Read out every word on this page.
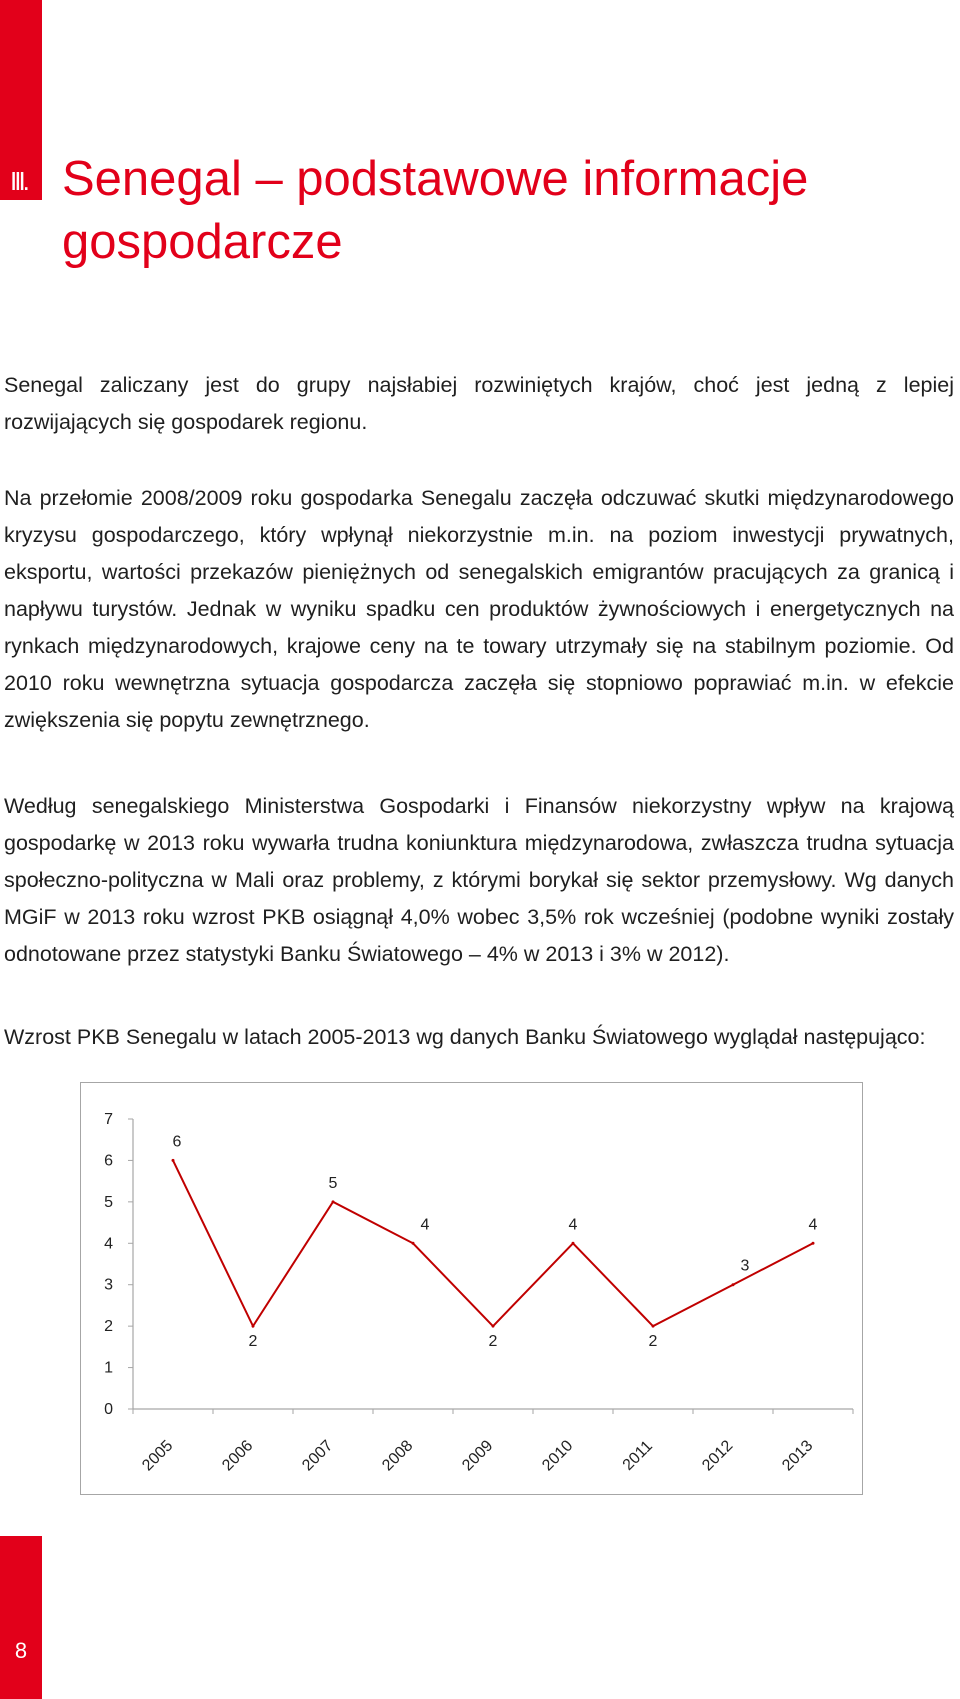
III. Senegal – podstawowe informacje gospodarcze

Senegal zaliczany jest do grupy najsłabiej rozwiniętych krajów, choć jest jedną z lepiej rozwijających się gospodarek regionu.

Na przełomie 2008/2009 roku gospodarka Senegalu zaczęła odczuwać skutki międzynarodowego kryzysu gospodarczego, który wpłynął niekorzystnie m.in. na poziom inwestycji prywatnych, eksportu, wartości przekazów pieniężnych od senegalskich emigrantów pracujących za granicą i napływu turystów. Jednak w wyniku spadku cen produktów żywnościowych i energetycznych na rynkach międzynarodowych, krajowe ceny na te towary utrzymały się na stabilnym poziomie. Od 2010 roku wewnętrzna sytuacja gospodarcza zaczęła się stopniowo poprawiać m.in. w efekcie zwiększenia się popytu zewnętrznego.

Według senegalskiego Ministerstwa Gospodarki i Finansów niekorzystny wpływ na krajową gospodarkę w 2013 roku wywarła trudna koniunktura międzynarodowa, zwłaszcza trudna sytuacja społeczno-polityczna w Mali oraz problemy, z którymi borykał się sektor przemysłowy. Wg danych MGiF w 2013 roku wzrost PKB osiągnął 4,0% wobec 3,5% rok wcześniej (podobne wyniki zostały odnotowane przez statystyki Banku Światowego – 4% w 2013 i 3% w 2012).

Wzrost PKB Senegalu w latach 2005-2013 wg danych Banku Światowego wyglądał następująco:

0
1
2
3
4
5
6
7
2005	2006	2007	2008	2009	2010	2011	2012	2013
6
2
5
4
2
4
2
3
4
8
